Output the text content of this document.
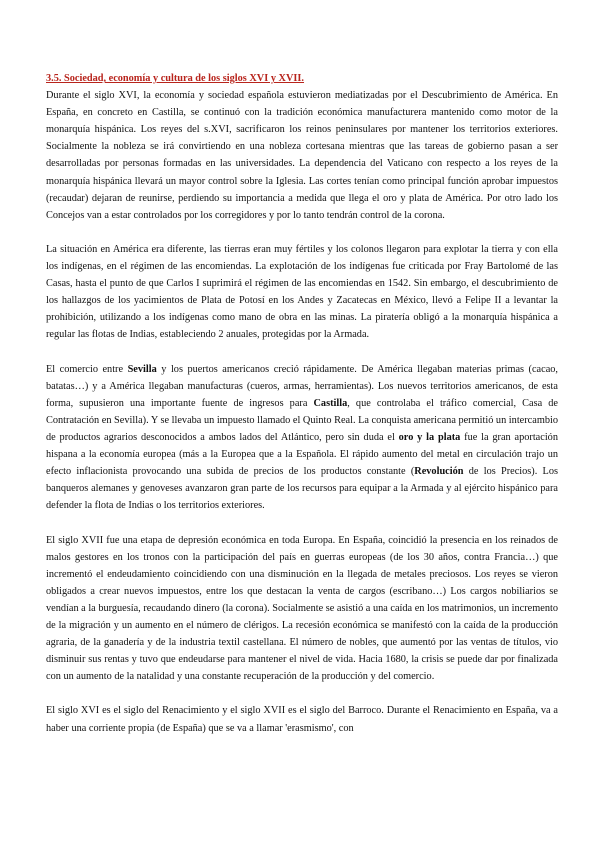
3.5. Sociedad, economía y cultura de los siglos XVI y XVII.

Durante el siglo XVI, la economía y sociedad española estuvieron mediatizadas por el Descubrimiento de América. En España, en concreto en Castilla, se continuó con la tradición económica manufacturera mantenido como motor de la monarquía hispánica. Los reyes del s.XVI, sacrificaron los reinos peninsulares por mantener los territorios exteriores. Socialmente la nobleza se irá convirtiendo en una nobleza cortesana mientras que las tareas de gobierno pasan a ser desarrolladas por personas formadas en las universidades. La dependencia del Vaticano con respecto a los reyes de la monarquía hispánica llevará un mayor control sobre la Iglesia. Las cortes tenían como principal función aprobar impuestos (recaudar) dejaran de reunirse, perdiendo su importancia a medida que llega el oro y plata de América. Por otro lado los Concejos van a estar controlados por los corregidores y por lo tanto tendrán control de la corona.

La situación en América era diferente, las tierras eran muy fértiles y los colonos llegaron para explotar la tierra y con ella los indígenas, en el régimen de las encomiendas. La explotación de los indígenas fue criticada por Fray Bartolomé de las Casas, hasta el punto de que Carlos I suprimirá el régimen de las encomiendas en 1542. Sin embargo, el descubrimiento de los hallazgos de los yacimientos de Plata de Potosí en los Andes y Zacatecas en México, llevó a Felipe II a levantar la prohibición, utilizando a los indígenas como mano de obra en las minas. La piratería obligó a la monarquía hispánica a regular las flotas de Indias, estableciendo 2 anuales, protegidas por la Armada.

El comercio entre Sevilla y los puertos americanos creció rápidamente. De América llegaban materias primas (cacao, batatas…) y a América llegaban manufacturas (cueros, armas, herramientas). Los nuevos territorios americanos, de esta forma, supusieron una importante fuente de ingresos para Castilla, que controlaba el tráfico comercial, Casa de Contratación en Sevilla). Y se llevaba un impuesto llamado el Quinto Real. La conquista americana permitió un intercambio de productos agrarios desconocidos a ambos lados del Atlántico, pero sin duda el oro y la plata fue la gran aportación hispana a la economía europea (más a la Europea que a la Española. El rápido aumento del metal en circulación trajo un efecto inflacionista provocando una subida de precios de los productos constante (Revolución de los Precios). Los banqueros alemanes y genoveses avanzaron gran parte de los recursos para equipar a la Armada y al ejército hispánico para defender la flota de Indias o los territorios exteriores.

El siglo XVII fue una etapa de depresión económica en toda Europa. En España, coincidió la presencia en los reinados de malos gestores en los tronos con la participación del país en guerras europeas (de los 30 años, contra Francia…) que incrementó el endeudamiento coincidiendo con una disminución en la llegada de metales preciosos. Los reyes se vieron obligados a crear nuevos impuestos, entre los que destacan la venta de cargos (escribano…) Los cargos nobiliarios se vendían a la burguesía, recaudando dinero (la corona). Socialmente se asistió a una caída en los matrimonios, un incremento de la migración y un aumento en el número de clérigos. La recesión económica se manifestó con la caída de la producción agraria, de la ganadería y de la industria textil castellana. El número de nobles, que aumentó por las ventas de títulos, vio disminuir sus rentas y tuvo que endeudarse para mantener el nivel de vida. Hacia 1680, la crisis se puede dar por finalizada con un aumento de la natalidad y una constante recuperación de la producción y del comercio.

El siglo XVI es el siglo del Renacimiento y el siglo XVII es el siglo del Barroco. Durante el Renacimiento en España, va a haber una corriente propia (de España) que se va a llamar 'erasmismo', con
